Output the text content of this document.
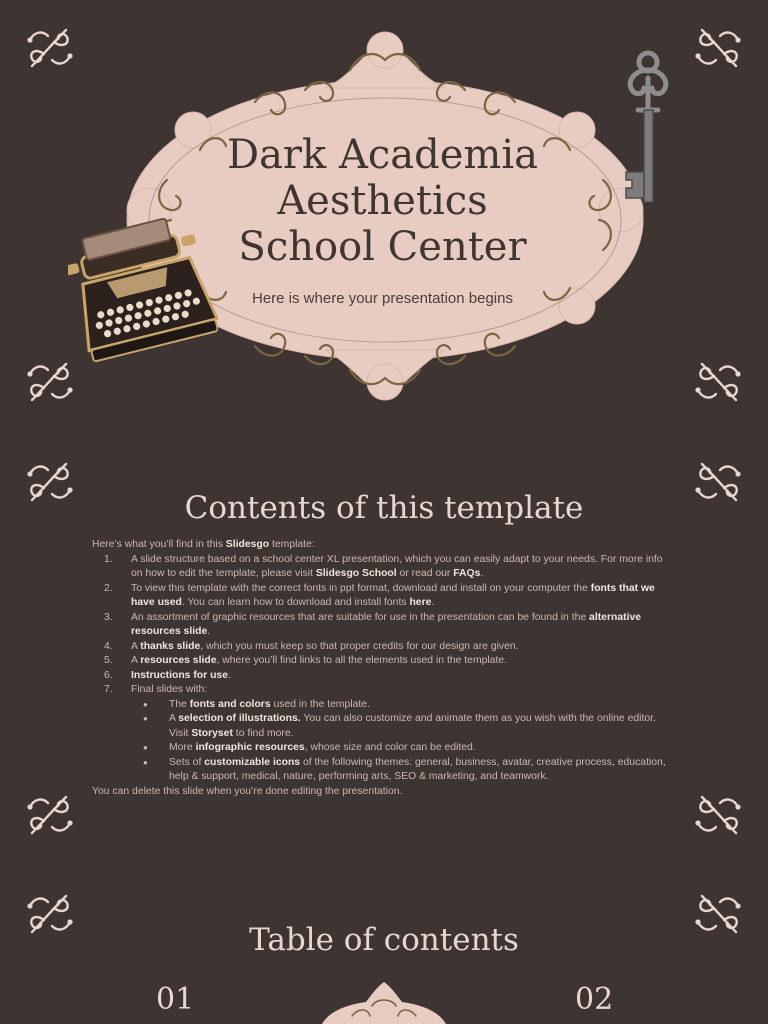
Dark Academia
Aesthetics
School Center

Here is where your presentation begins

Contents of this template

Here’s what you’ll find in this Slidesgo template:

1. A slide structure based on a school center XL presentation, which you can easily adapt to your needs. For more info on how to edit the template, please visit Slidesgo School or read our FAQs.
2. To view this template with the correct fonts in ppt format, download and install on your computer the fonts that we have used. You can learn how to download and install fonts here.
3. An assortment of graphic resources that are suitable for use in the presentation can be found in the alternative resources slide.
4. A thanks slide, which you must keep so that proper credits for our design are given.
5. A resources slide, where you’ll find links to all the elements used in the template.
6. Instructions for use.
7. Final slides with:
● The fonts and colors used in the template.
● A selection of illustrations. You can also customize and animate them as you wish with the online editor. Visit Storyset to find more.
● More infographic resources, whose size and color can be edited.
● Sets of customizable icons of the following themes: general, business, avatar, creative process, education, help & support, medical, nature, performing arts, SEO & marketing, and teamwork.

You can delete this slide when you’re done editing the presentation.

Table of contents

01	02
